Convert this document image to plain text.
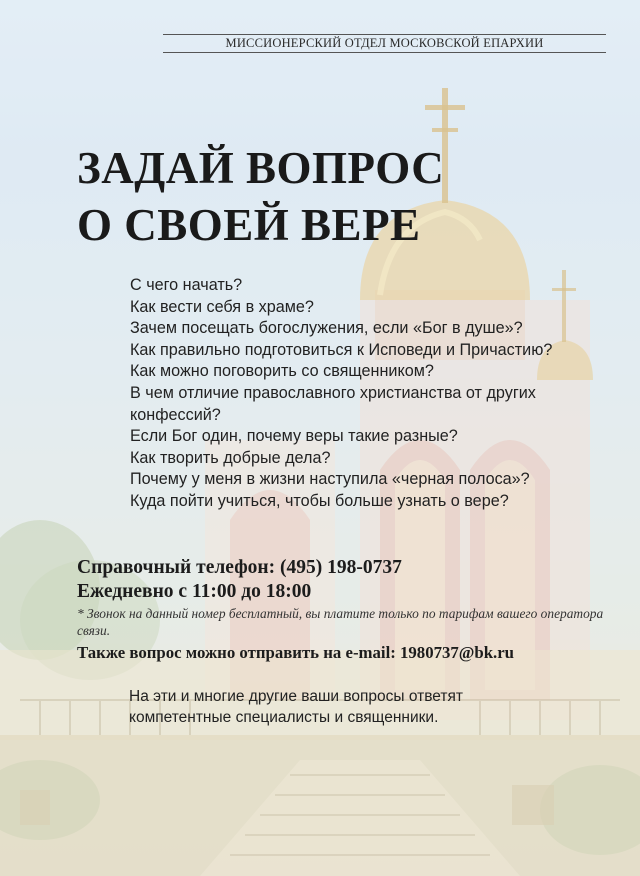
МИССИОНЕРСКИЙ ОТДЕЛ МОСКОВСКОЙ ЕПАРХИИ
ЗАДАЙ ВОПРОС
О СВОЕЙ ВЕРЕ
С чего начать?
Как вести себя в храме?
Зачем посещать богослужения, если «Бог в душе»?
Как правильно подготовиться к Исповеди и Причастию?
Как можно поговорить со священником?
В чем отличие православного христианства от других конфессий?
Если Бог один, почему веры такие разные?
Как творить добрые дела?
Почему у меня в жизни наступила «черная полоса»?
Куда пойти учиться, чтобы больше узнать о вере?
Справочный телефон: (495) 198-0737
Ежедневно с 11:00 до 18:00
* Звонок на данный номер бесплатный, вы платите только по тарифам вашего оператора связи.
Также вопрос можно отправить на e-mail: 1980737@bk.ru
На эти и многие другие ваши вопросы ответят компетентные специалисты и священники.
